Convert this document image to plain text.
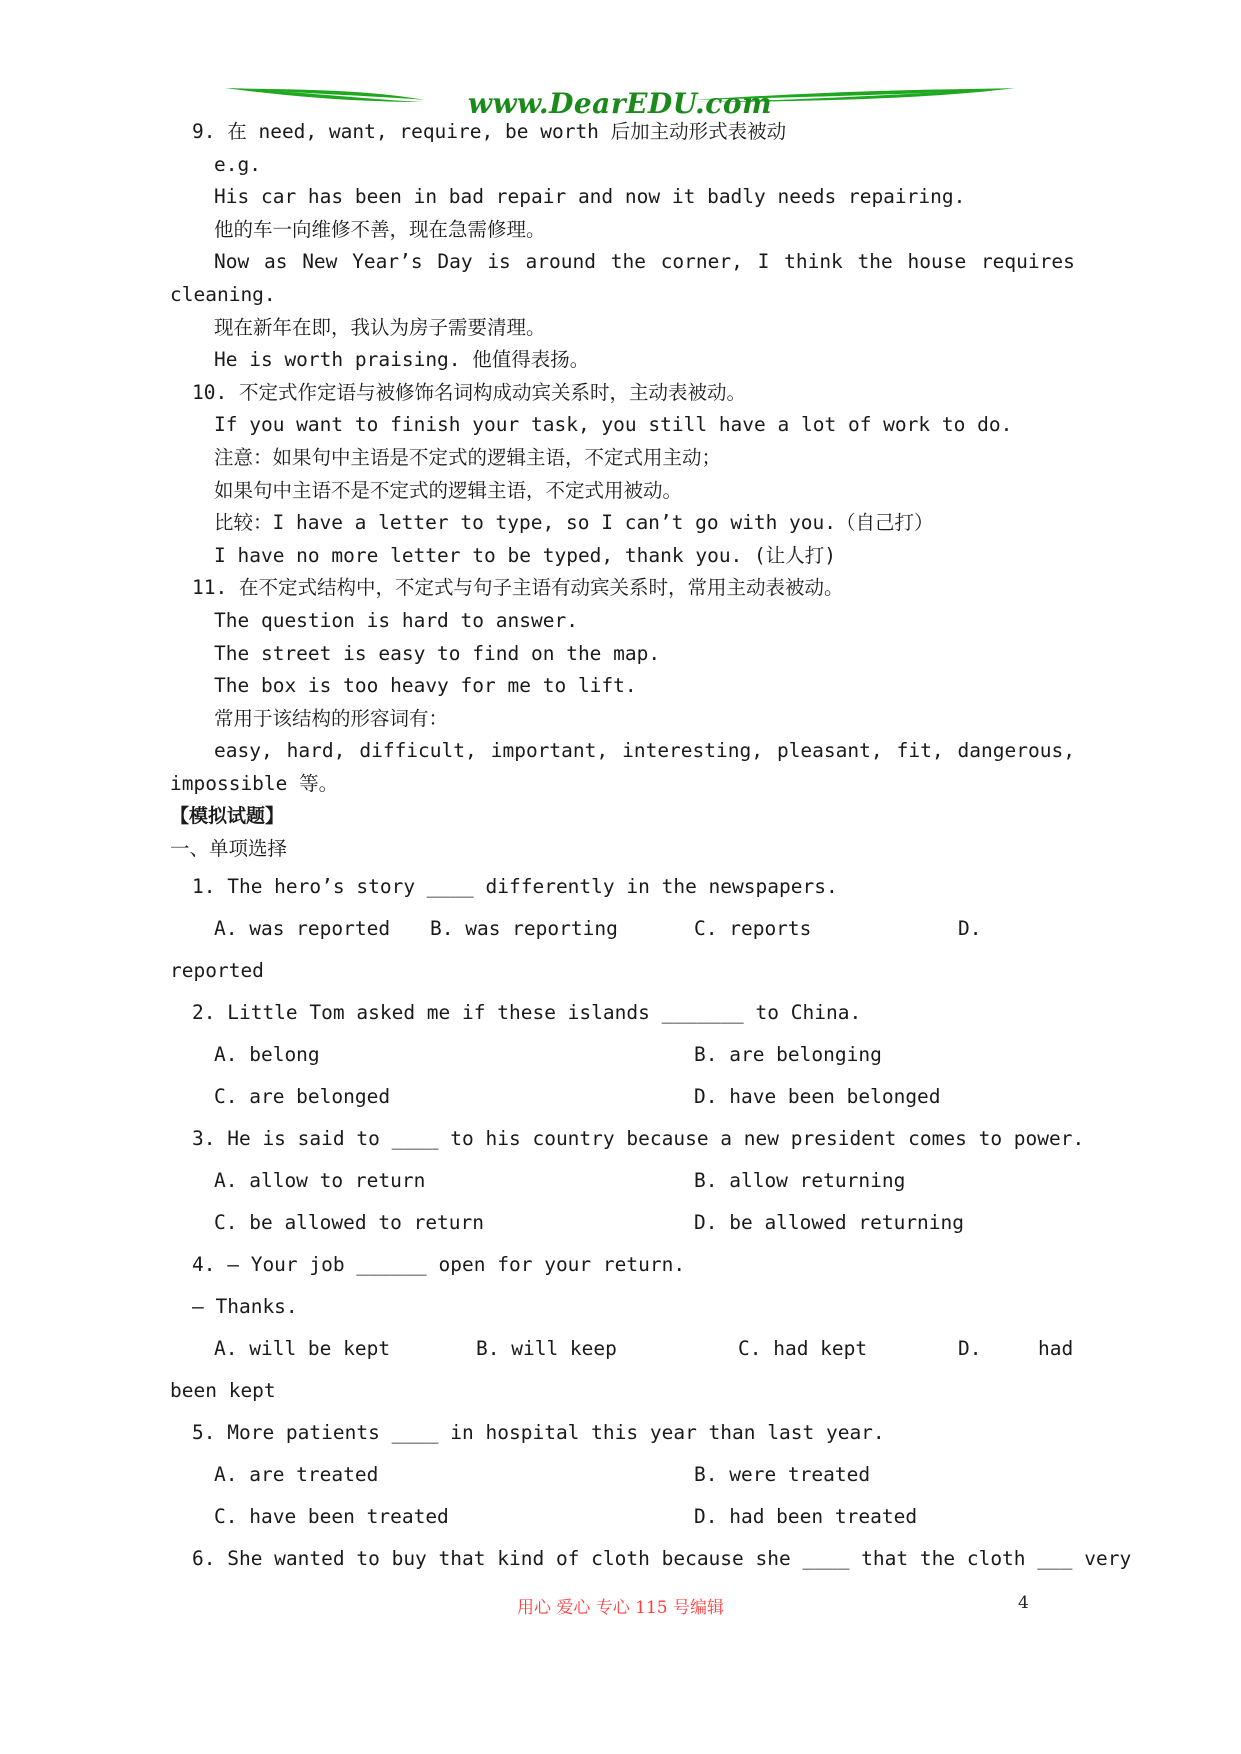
www.DearEDU.com
9. 在 need, want, require, be worth 后加主动形式表被动
e.g.
His car has been in bad repair and now it badly needs repairing.
他的车一向维修不善，现在急需修理。
Now as New Year’s Day is around the corner, I think the house requires
cleaning.
现在新年在即，我认为房子需要清理。
He is worth praising. 他值得表扬。
10. 不定式作定语与被修饰名词构成动宾关系时，主动表被动。
If you want to finish your task, you still have a lot of work to do.
注意：如果句中主语是不定式的逻辑主语，不定式用主动；
如果句中主语不是不定式的逻辑主语，不定式用被动。
比较：I have a letter to type, so I can’t go with you.（自己打）
I have no more letter to be typed, thank you. (让人打)
11. 在不定式结构中，不定式与句子主语有动宾关系时，常用主动表被动。
The question is hard to answer.
The street is easy to find on the map.
The box is too heavy for me to lift.
常用于该结构的形容词有：
easy, hard, difficult, important, interesting, pleasant, fit, dangerous,
impossible 等。
【模拟试题】
一、单项选择
1. The hero’s story ____ differently in the newspapers.
A. was reported	B. was reporting	C. reports	D.
reported
2. Little Tom asked me if these islands _______ to China.
A. belong	B. are belonging
C. are belonged	D. have been belonged
3. He is said to ____ to his country because a new president comes to power.
A. allow to return	B. allow returning
C. be allowed to return	D. be allowed returning
4. — Your job ______ open for your return.
— Thanks.
A. will be kept	B. will keep	C. had kept	D.	had
been kept
5. More patients ____ in hospital this year than last year.
A. are treated	B. were treated
C. have been treated	D. had been treated
6. She wanted to buy that kind of cloth because she ____ that the cloth ___ very
用心 爱心 专心 115 号编辑	4
